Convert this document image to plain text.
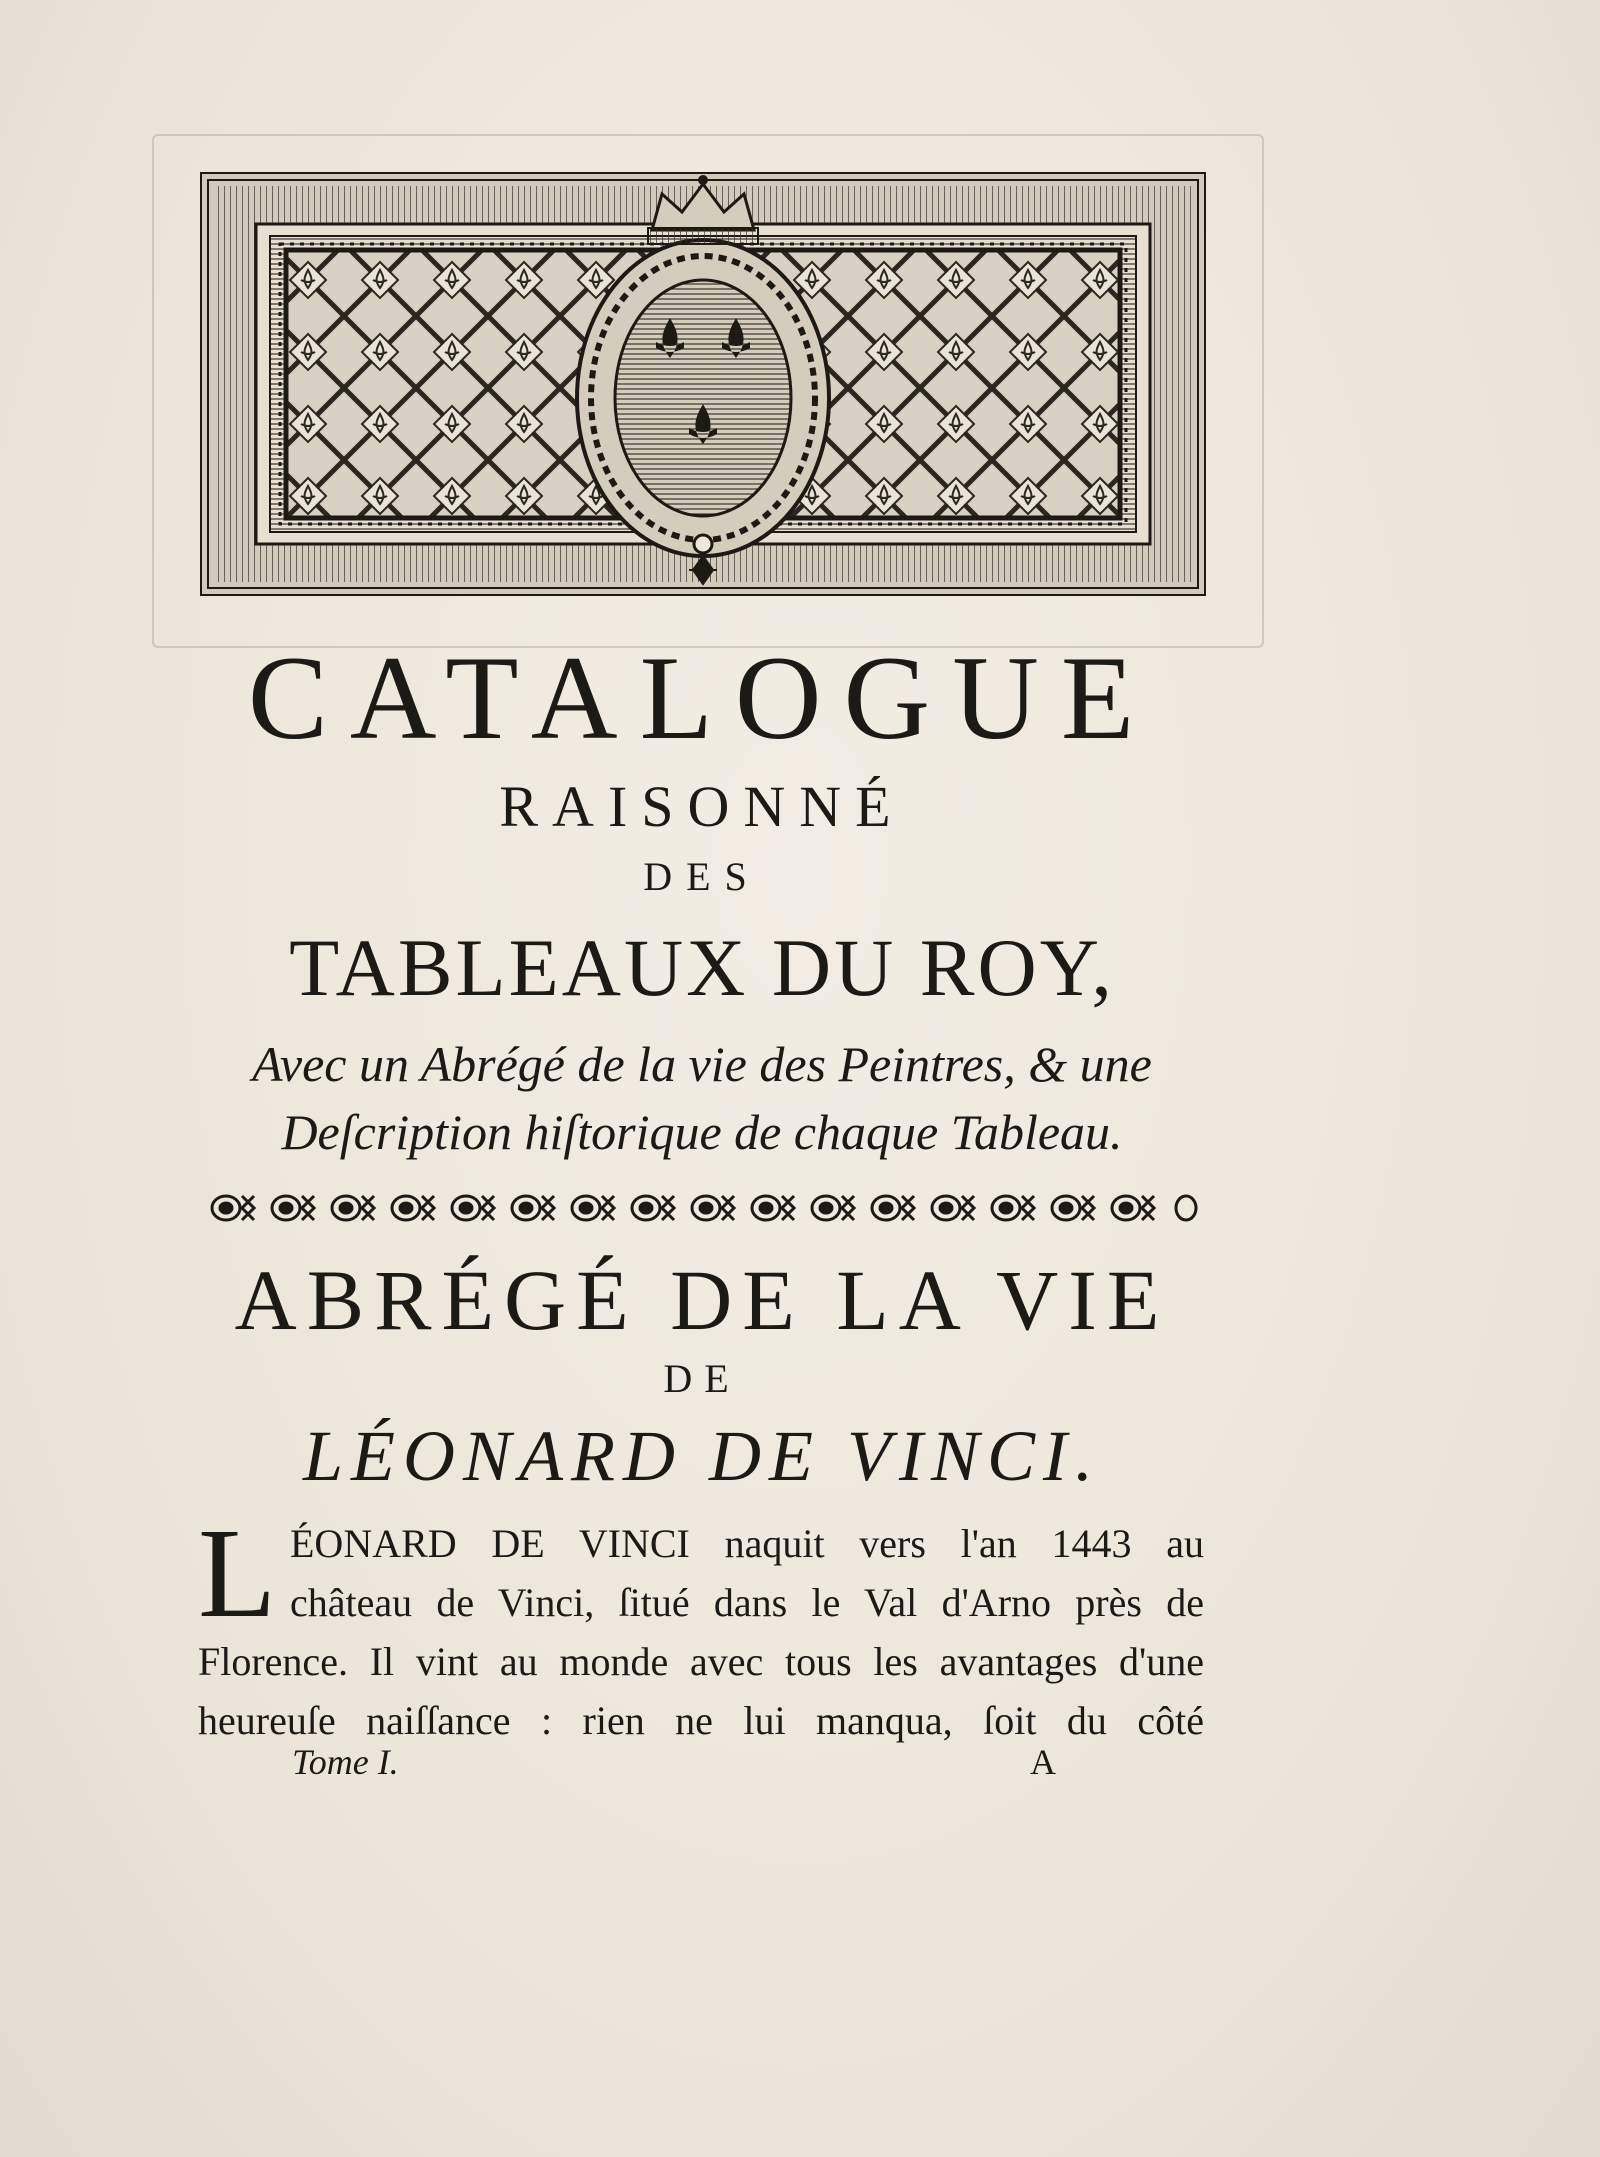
CATALOGUE
RAISONNÉ
DES
TABLEAUX DU ROY,
Avec un Abrégé de la vie des Peintres, & une
Deſcription hiſtorique de chaque Tableau.
ABRÉGÉ DE LA VIE
DE
LÉONARD DE VINCI.
L ÉONARD DE VINCI naquit vers l'an 1443 au
château de Vinci, ſitué dans le Val d'Arno près de
Florence. Il vint au monde avec tous les avantages d'une
heureuſe naiſſance : rien ne lui manqua, ſoit du côté
Tome I.	A
